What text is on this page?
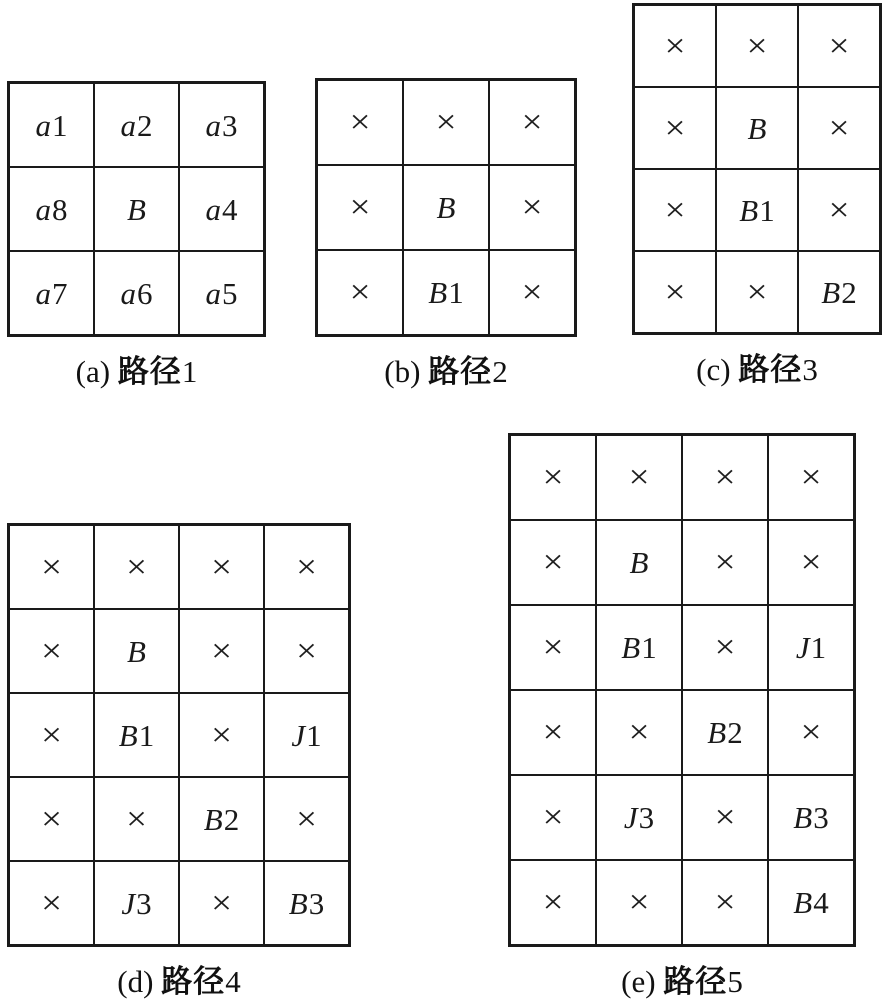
a 1 a 2 a 3
a 8 B a 4
a 7 a 6 a 5
(a) 路径1
× × ×
× B ×
× B 1 ×
(b) 路径2
× × ×
× B ×
× B 1 ×
× × B 2
(c) 路径3
× × × ×
× B × ×
× B 1 × J 1
× × B 2 ×
× J 3 × B 3
(d) 路径4
× × × ×
× B × ×
× B 1 × J 1
× × B 2 ×
× J 3 × B 3
× × × B 4
(e) 路径5
